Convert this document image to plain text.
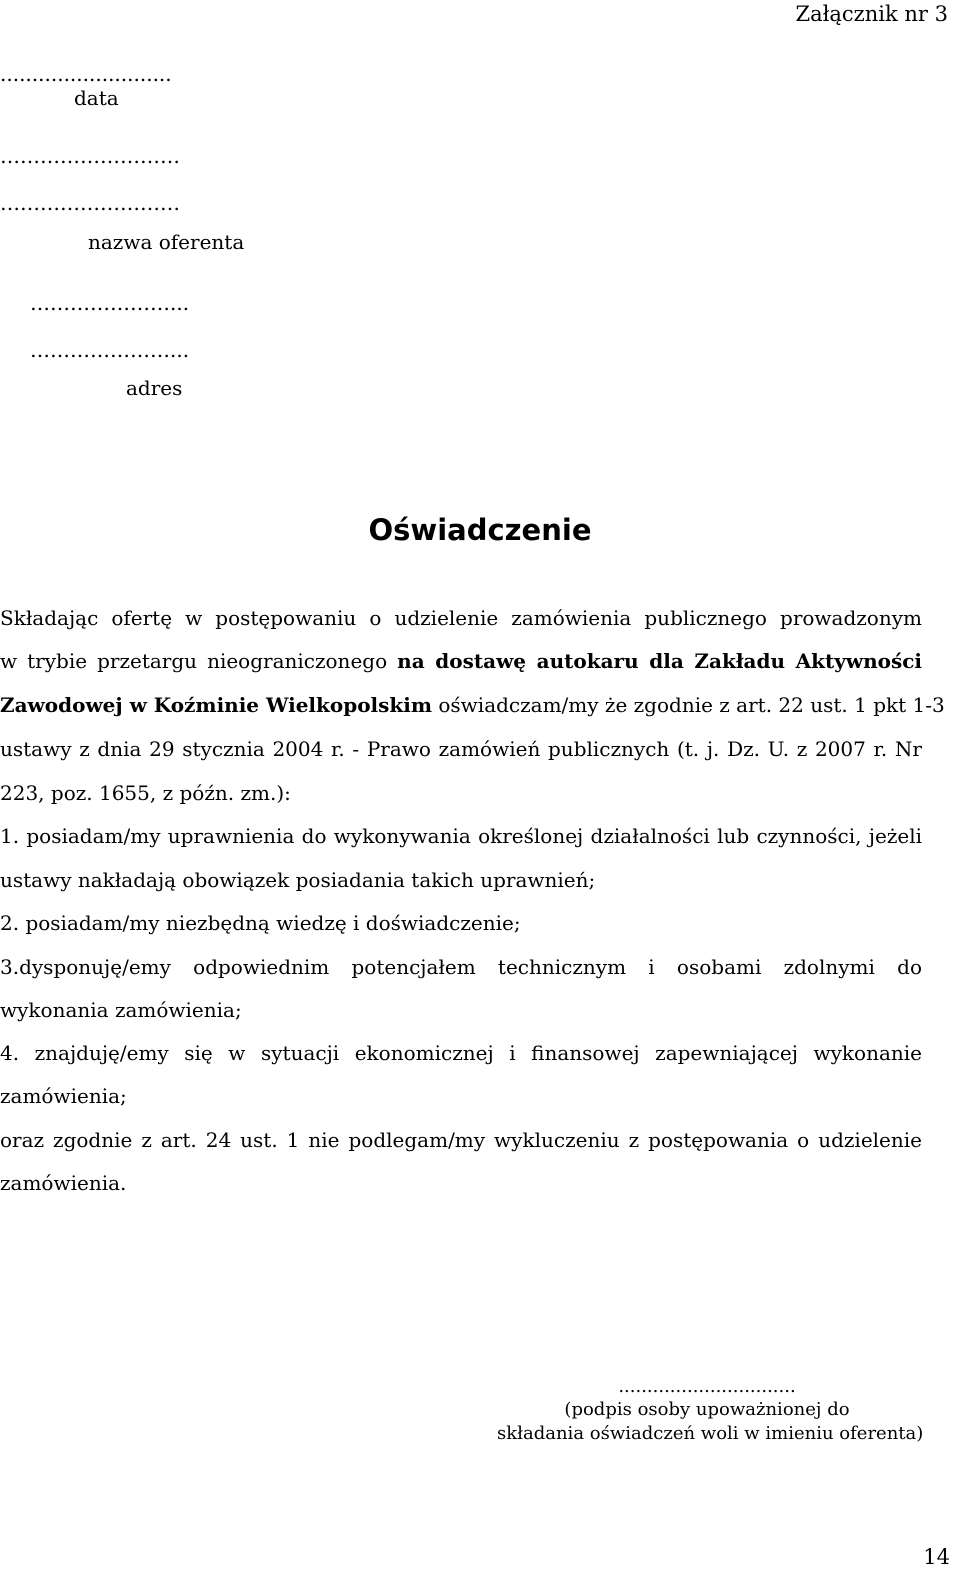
Załącznik nr 3
...........................
data
………………………
………………………
nazwa oferenta
…………………...
…………………...
adres
Oświadczenie
Składając ofertę w postępowaniu o udzielenie zamówienia publicznego prowadzonym
w trybie przetargu nieograniczonego na dostawę autokaru dla Zakładu Aktywności
Zawodowej w Koźminie Wielkopolskim oświadczam/my że zgodnie z art. 22 ust. 1 pkt 1-3
ustawy z dnia 29 stycznia 2004 r. - Prawo zamówień publicznych (t. j. Dz. U. z 2007 r. Nr
223, poz. 1655, z późn. zm.):
1. posiadam/my uprawnienia do wykonywania określonej działalności lub czynności, jeżeli
ustawy nakładają obowiązek posiadania takich uprawnień;
2. posiadam/my niezbędną wiedzę i doświadczenie;
3.dysponuję/emy odpowiednim potencjałem technicznym i osobami zdolnymi do
wykonania zamówienia;
4. znajduję/emy się w sytuacji ekonomicznej i finansowej zapewniającej wykonanie
zamówienia;
oraz zgodnie z art. 24 ust. 1 nie podlegam/my wykluczeniu z postępowania o udzielenie
zamówienia.
...............................
(podpis osoby upoważnionej do
składania oświadczeń woli w imieniu oferenta)
14
